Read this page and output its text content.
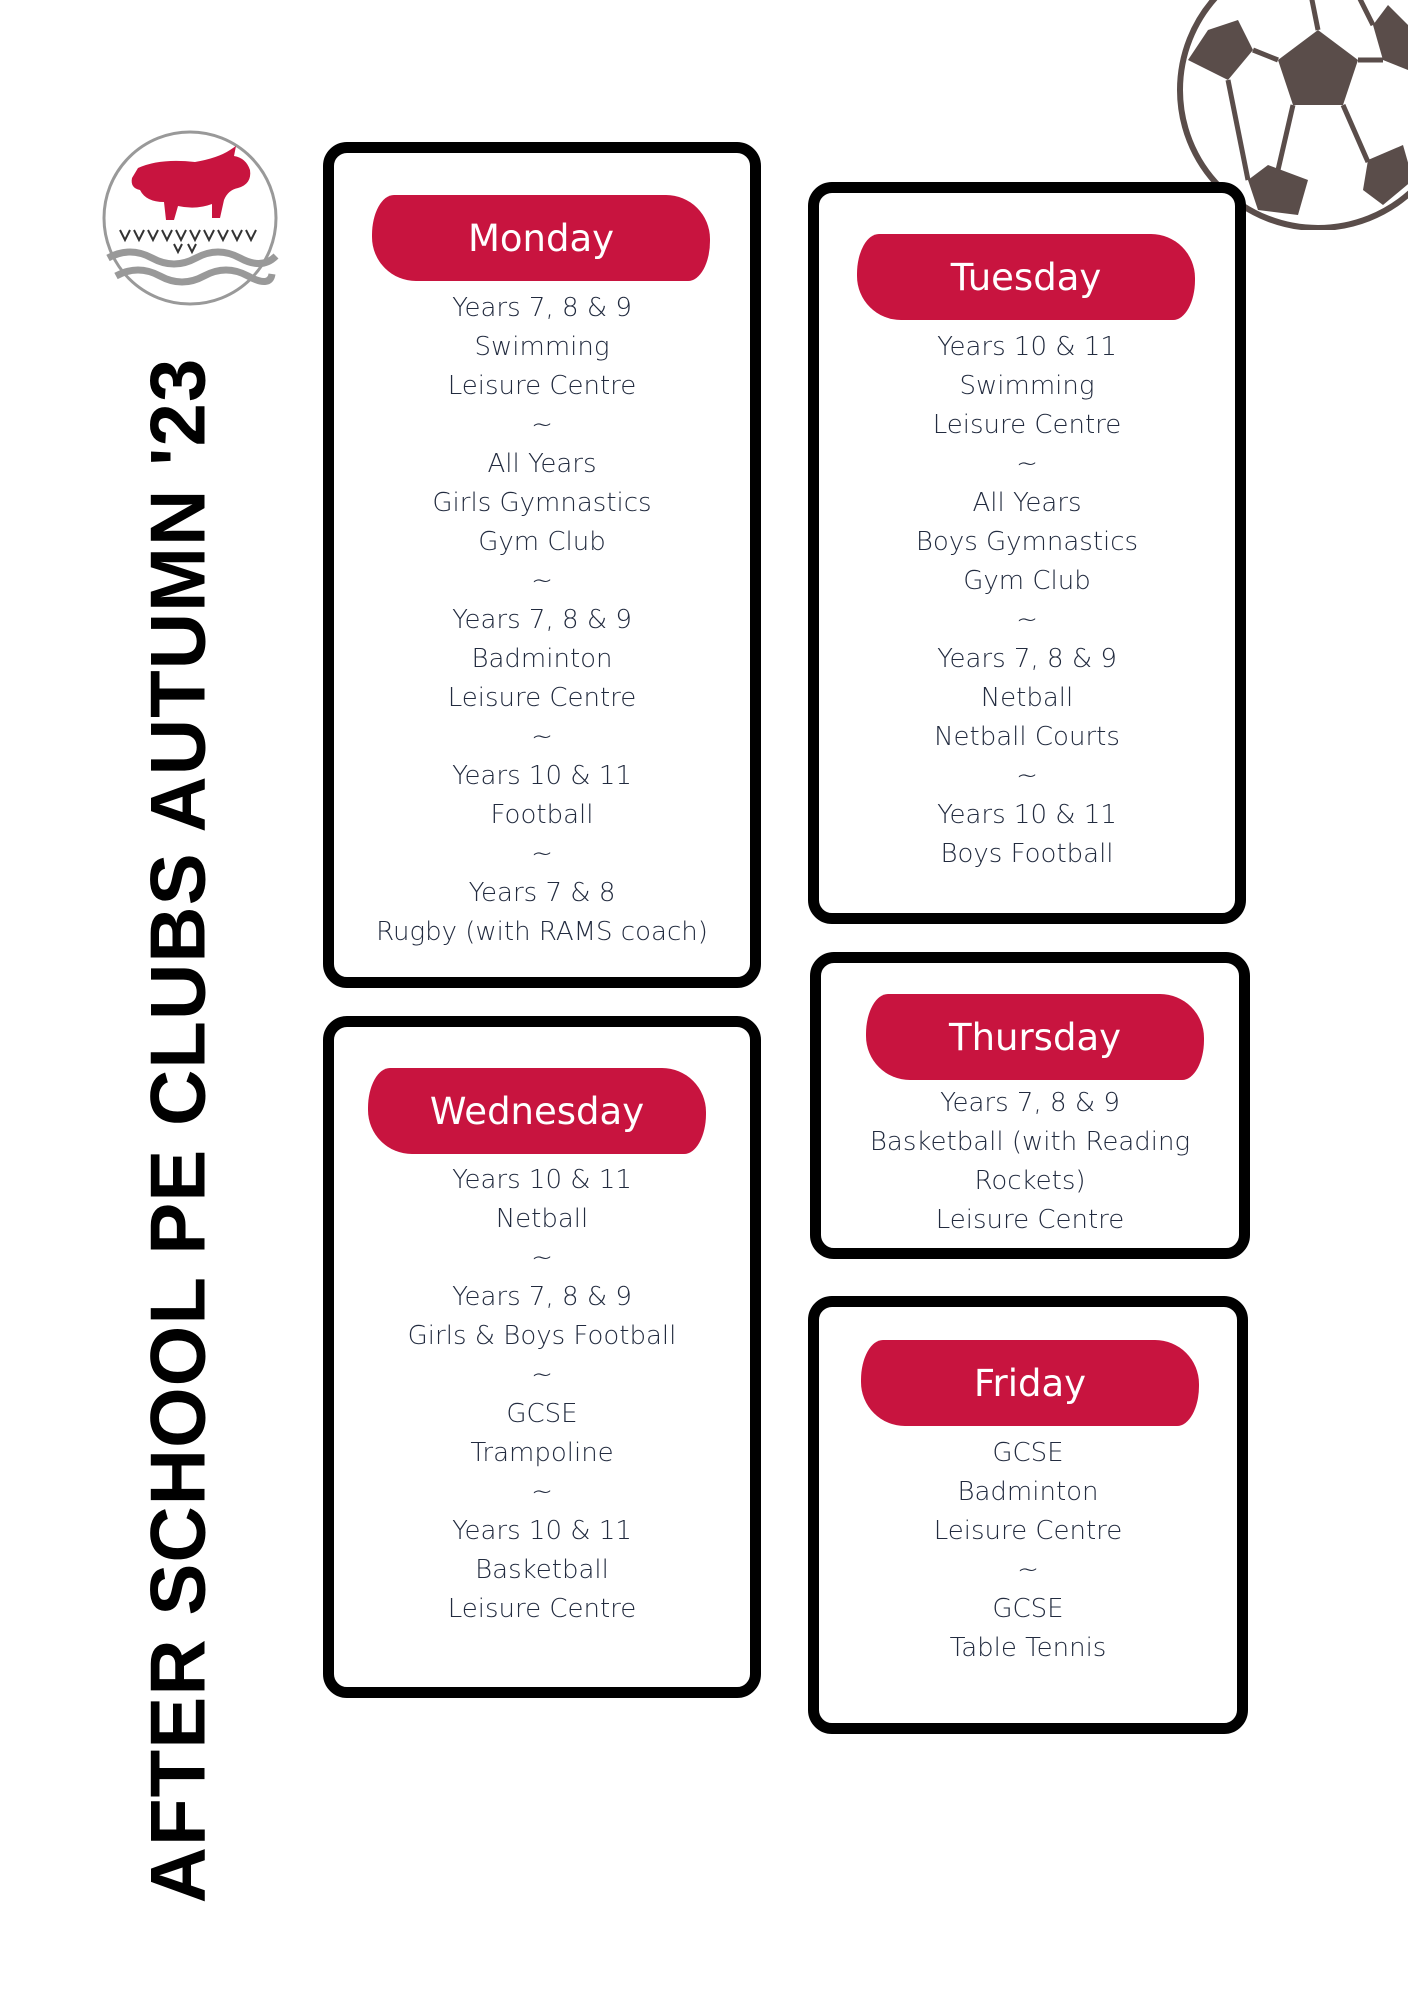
AFTER SCHOOL PE CLUBS AUTUMN '23
Monday
Years 7, 8 & 9
Swimming
Leisure Centre
~
All Years
Girls Gymnastics
Gym Club
~
Years 7, 8 & 9
Badminton
Leisure Centre
~
Years 10 & 11
Football
~
Years 7 & 8
Rugby (with RAMS coach)
Tuesday
Years 10 & 11
Swimming
Leisure Centre
~
All Years
Boys Gymnastics
Gym Club
~
Years 7, 8 & 9
Netball
Netball Courts
~
Years 10 & 11
Boys Football
Wednesday
Years 10 & 11
Netball
~
Years 7, 8 & 9
Girls & Boys Football
~
GCSE
Trampoline
~
Years 10 & 11
Basketball
Leisure Centre
Thursday
Years 7, 8 & 9
Basketball (with Reading
Rockets)
Leisure Centre
Friday
GCSE
Badminton
Leisure Centre
~
GCSE
Table Tennis
